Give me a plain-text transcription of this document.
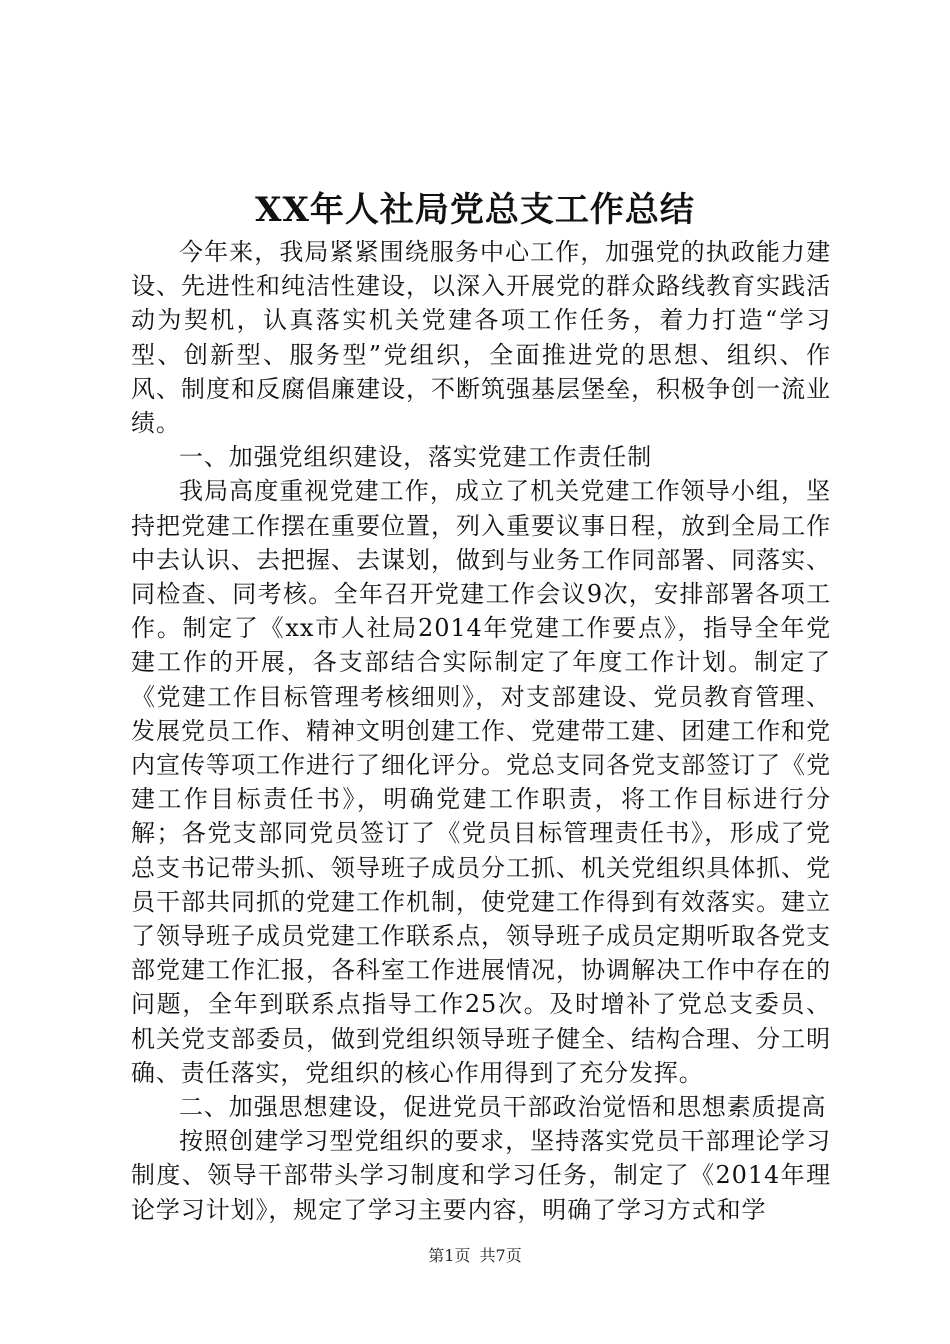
XX年人社局党总支工作总结

今年来，我局紧紧围绕服务中心工作，加强党的执政能力建设、先进性和纯洁性建设，以深入开展党的群众路线教育实践活动为契机，认真落实机关党建各项工作任务，着力打造“学习型、创新型、服务型”党组织，全面推进党的思想、组织、作风、制度和反腐倡廉建设，不断筑强基层堡垒，积极争创一流业绩。

一、加强党组织建设，落实党建工作责任制

我局高度重视党建工作，成立了机关党建工作领导小组，坚持把党建工作摆在重要位置，列入重要议事日程，放到全局工作中去认识、去把握、去谋划，做到与业务工作同部署、同落实、同检查、同考核。全年召开党建工作会议9次，安排部署各项工作。制定了《xx市人社局2014年党建工作要点》，指导全年党建工作的开展，各支部结合实际制定了年度工作计划。制定了《党建工作目标管理考核细则》，对支部建设、党员教育管理、发展党员工作、精神文明创建工作、党建带工建、团建工作和党内宣传等项工作进行了细化评分。党总支同各党支部签订了《党建工作目标责任书》，明确党建工作职责，将工作目标进行分解；各党支部同党员签订了《党员目标管理责任书》，形成了党总支书记带头抓、领导班子成员分工抓、机关党组织具体抓、党员干部共同抓的党建工作机制，使党建工作得到有效落实。建立了领导班子成员党建工作联系点，领导班子成员定期听取各党支部党建工作汇报，各科室工作进展情况，协调解决工作中存在的问题，全年到联系点指导工作25次。及时增补了党总支委员、机关党支部委员，做到党组织领导班子健全、结构合理、分工明确、责任落实，党组织的核心作用得到了充分发挥。

二、加强思想建设，促进党员干部政治觉悟和思想素质提高

按照创建学习型党组织的要求，坚持落实党员干部理论学习制度、领导干部带头学习制度和学习任务，制定了《2014年理论学习计划》，规定了学习主要内容，明确了学习方式和学

第1页 共7页
